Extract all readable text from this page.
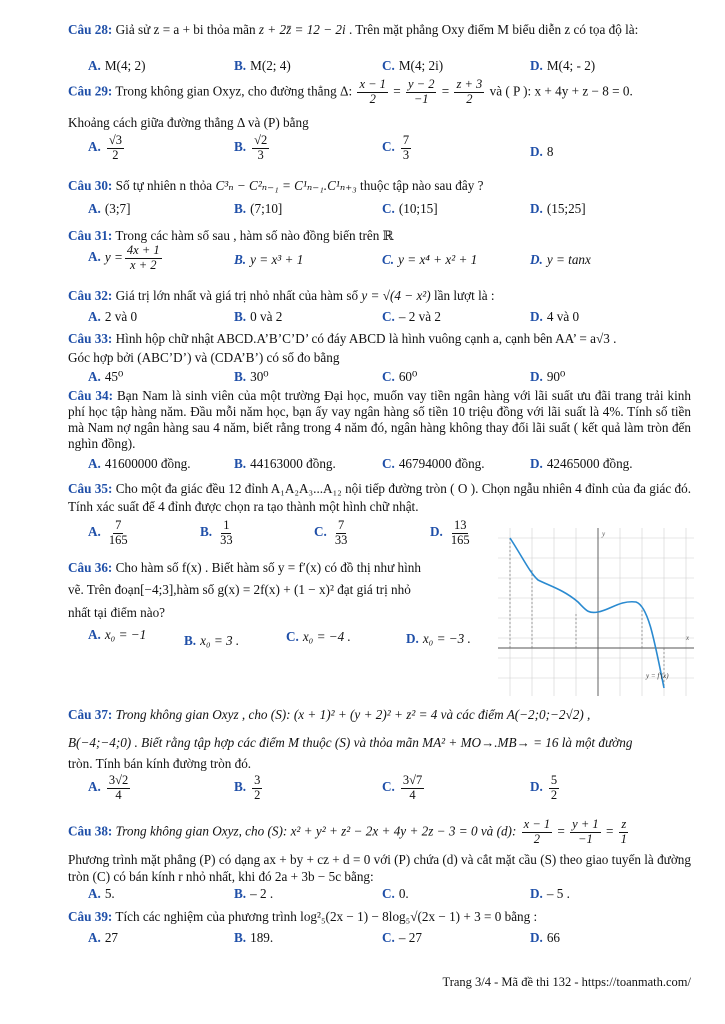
Câu 28: Giả sử z = a + bi thỏa mãn z + 2z̄ = 12 − 2i . Trên mặt phẳng Oxy điểm M biểu diễn z có tọa độ là:
A. M(4; 2)	B. M(2; 4)	C. M(4; 2i)	D. M(4; - 2)
Câu 29: Trong không gian Oxyz, cho đường thẳng Δ: $\frac{x - 1}{2} = \frac{y - 2}{-1} = \frac{z + 3}{2}$ và ( P ): x + 4y + z − 8 = 0.
Khoảng cách giữa đường thẳng Δ và (P) bằng
A. $\frac{√3}{2}$	B. $\frac{√2}{3}$	C. $\frac{7}{3}$	D. 8
Câu 30: Số tự nhiên n thỏa C³ₙ − C²ₙ₋₁ = C¹ₙ₋₁.C¹ₙ₊₃ thuộc tập nào sau đây ?
A. (3;7]	B. (7;10]	C. (10;15]	D. (15;25]
Câu 31: Trong các hàm số sau , hàm số nào đồng biến trên ℝ
A. $y = \frac{4x + 1}{x + 2}$	B. y = x³ + 1	C. y = x⁴ + x² + 1	D. y = tanx
Câu 32: Giá trị lớn nhất và giá trị nhỏ nhất của hàm số y = √(4 − x²) lần lượt là :
A. 2 và 0	B. 0 và 2	C. – 2 và 2	D. 4 và 0
Câu 33: Hình hộp chữ nhật ABCD.A’B’C’D’ có đáy ABCD là hình vuông cạnh a, cạnh bên AA’ = a√3 .
Góc hợp bởi (ABC’D’) và (CDA’B’) có số đo bằng
A. 45⁰	B. 30⁰	C. 60⁰	D. 90⁰
Câu 34: Bạn Nam là sinh viên của một trường Đại học, muốn vay tiền ngân hàng với lãi suất ưu đãi trang trải kinh phí học tập hàng năm. Đầu mỗi năm học, bạn ấy vay ngân hàng số tiền 10 triệu đồng với lãi suất là 4%. Tính số tiền mà Nam nợ ngân hàng sau 4 năm, biết rằng trong 4 năm đó, ngân hàng không thay đổi lãi suất ( kết quả làm tròn đến nghìn đồng).
A. 41600000 đồng.	B. 44163000 đồng.	C. 46794000 đồng.	D. 42465000 đồng.
Câu 35: Cho một đa giác đều 12 đỉnh A₁A₂A₃...A₁₂ nội tiếp đường tròn ( O ). Chọn ngẫu nhiên 4 đỉnh của đa giác đó. Tính xác suất để 4 đỉnh được chọn ra tạo thành một hình chữ nhật.
A. $\frac{7}{165}$	B. $\frac{1}{33}$	C. $\frac{7}{33}$	D. $\frac{13}{165}$
Câu 36: Cho hàm số f(x) . Biết hàm số y = f′(x) có đồ thị như hình
vẽ. Trên đoạn[−4;3],hàm số g(x) = 2f(x) + (1 − x)² đạt giá trị nhỏ
nhất tại điểm nào?
A. x₀ = −1	B. x₀ = 3 .	C. x₀ = −4 .	D. x₀ = −3 .	x
y
y = f′(x)
Câu 37: Trong không gian Oxyz , cho (S): (x + 1)² + (y + 2)² + z² = 4 và các điểm A(−2;0;−2√2) ,
B(−4;−4;0) . Biết rằng tập hợp các điểm M thuộc (S) và thỏa mãn MA² + MO→.MB→ = 16 là một đường
tròn. Tính bán kính đường tròn đó.
A. $\frac{3√2}{4}$	B. $\frac{3}{2}$	C. $\frac{3√7}{4}$	D. $\frac{5}{2}$
Câu 38: Trong không gian Oxyz, cho (S): x² + y² + z² − 2x + 4y + 2z − 3 = 0 và (d): $\frac{x - 1}{2} = \frac{y + 1}{-1} = \frac{z}{1}$
Phương trình mặt phẳng (P) có dạng ax + by + cz + d = 0 với (P) chứa (d) và cắt mặt cầu (S) theo giao tuyến là đường tròn (C) có bán kính r nhỏ nhất, khi đó 2a + 3b − 5c bằng:
A. 5.	B. – 2 .	C. 0.	D. – 5 .
Câu 39: Tích các nghiệm của phương trình log²₅(2x − 1) − 8log₅√(2x − 1) + 3 = 0 bằng :
A. 27	B. 189.	C. – 27	D. 66
Trang 3/4 - Mã đề thi 132 - https://toanmath.com/
